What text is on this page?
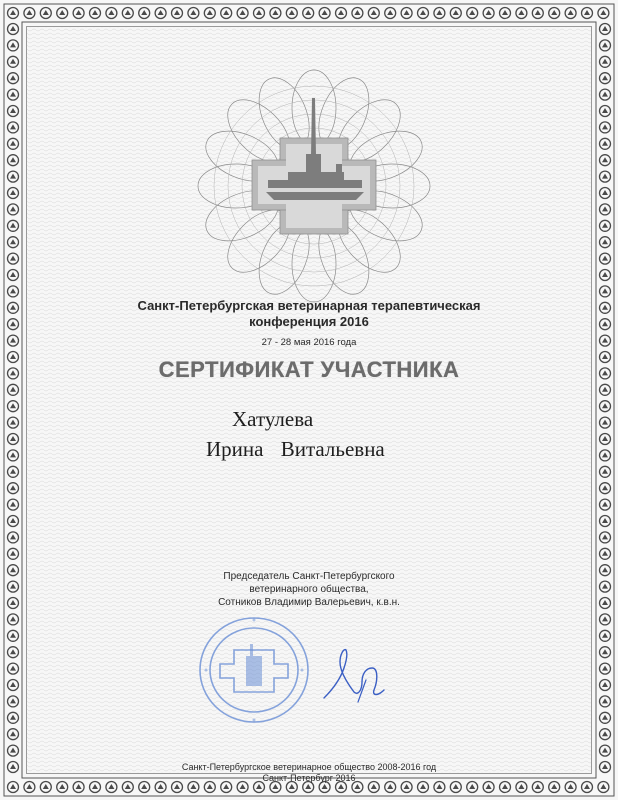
Санкт-Петербургская ветеринарная терапевтическая
конференция 2016
27 - 28 мая 2016 года
СЕРТИФИКАТ УЧАСТНИКА
Хатулева
Ирина Витальевна
Председатель Санкт-Петербургского
ветеринарного общества,
Сотников Владимир Валерьевич, к.в.н.
Санкт-Петербургское ветеринарное общество 2008-2016 год
Санкт-Петербург 2016
